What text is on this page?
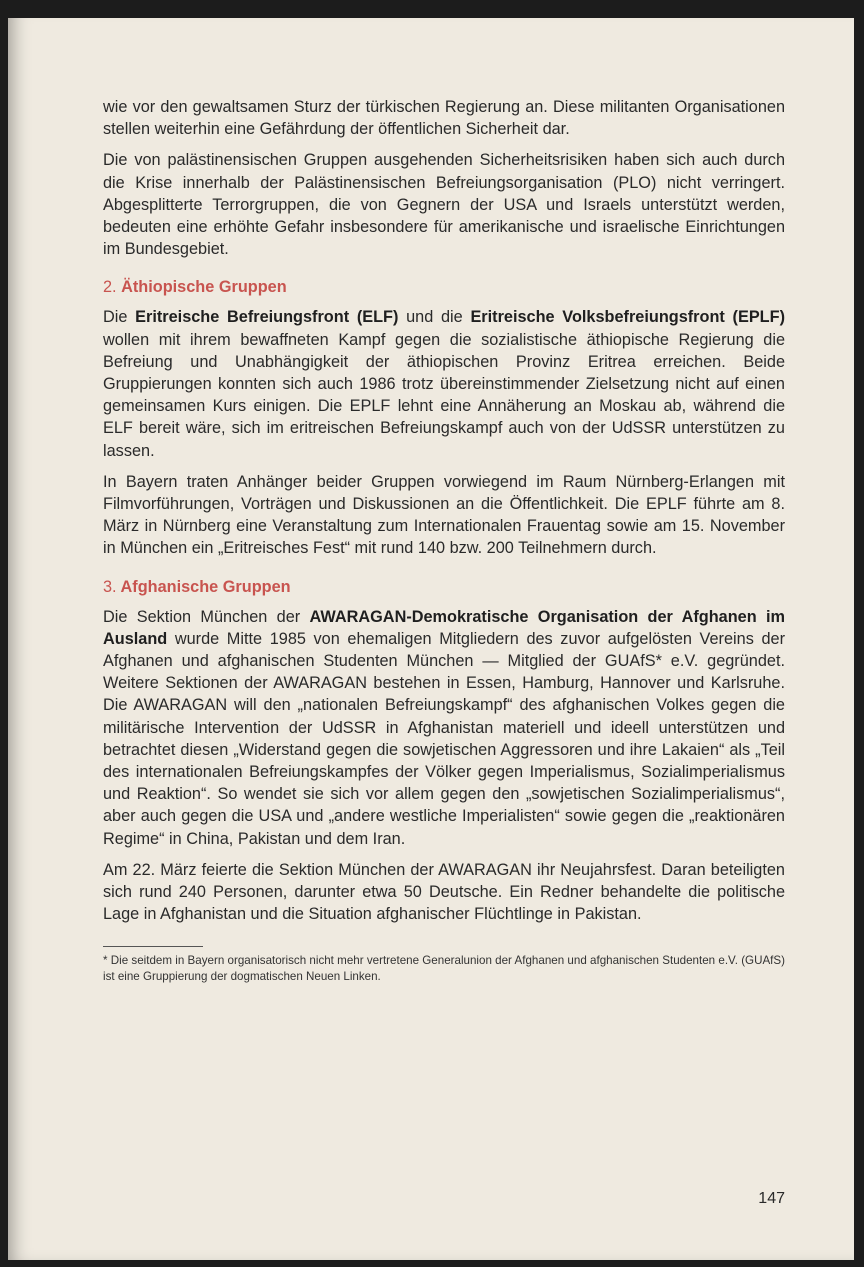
wie vor den gewaltsamen Sturz der türkischen Regierung an. Diese militanten Organisationen stellen weiterhin eine Gefährdung der öffentlichen Sicherheit dar.

Die von palästinensischen Gruppen ausgehenden Sicherheitsrisiken haben sich auch durch die Krise innerhalb der Palästinensischen Befreiungsorganisation (PLO) nicht verringert. Abgesplitterte Terrorgruppen, die von Gegnern der USA und Israels unterstützt werden, bedeuten eine erhöhte Gefahr insbesondere für amerikanische und israelische Einrichtungen im Bundesgebiet.

2. Äthiopische Gruppen

Die Eritreische Befreiungsfront (ELF) und die Eritreische Volksbefreiungsfront (EPLF) wollen mit ihrem bewaffneten Kampf gegen die sozialistische äthiopische Regierung die Befreiung und Unabhängigkeit der äthiopischen Provinz Eritrea erreichen. Beide Gruppierungen konnten sich auch 1986 trotz übereinstimmender Zielsetzung nicht auf einen gemeinsamen Kurs einigen. Die EPLF lehnt eine Annäherung an Moskau ab, während die ELF bereit wäre, sich im eritreischen Befreiungskampf auch von der UdSSR unterstützen zu lassen.

In Bayern traten Anhänger beider Gruppen vorwiegend im Raum Nürnberg-Erlangen mit Filmvorführungen, Vorträgen und Diskussionen an die Öffentlichkeit. Die EPLF führte am 8. März in Nürnberg eine Veranstaltung zum Internationalen Frauentag sowie am 15. November in München ein „Eritreisches Fest“ mit rund 140 bzw. 200 Teilnehmern durch.

3. Afghanische Gruppen

Die Sektion München der AWARAGAN-Demokratische Organisation der Afghanen im Ausland wurde Mitte 1985 von ehemaligen Mitgliedern des zuvor aufgelösten Vereins der Afghanen und afghanischen Studenten München — Mitglied der GUAfS* e.V. gegründet. Weitere Sektionen der AWARAGAN bestehen in Essen, Hamburg, Hannover und Karlsruhe. Die AWARAGAN will den „nationalen Befreiungskampf“ des afghanischen Volkes gegen die militärische Intervention der UdSSR in Afghanistan materiell und ideell unterstützen und betrachtet diesen „Widerstand gegen die sowjetischen Aggressoren und ihre Lakaien“ als „Teil des internationalen Befreiungskampfes der Völker gegen Imperialismus, Sozialimperialismus und Reaktion“. So wendet sie sich vor allem gegen den „sowjetischen Sozialimperialismus“, aber auch gegen die USA und „andere westliche Imperialisten“ sowie gegen die „reaktionären Regime“ in China, Pakistan und dem Iran.

Am 22. März feierte die Sektion München der AWARAGAN ihr Neujahrsfest. Daran beteiligten sich rund 240 Personen, darunter etwa 50 Deutsche. Ein Redner behandelte die politische Lage in Afghanistan und die Situation afghanischer Flüchtlinge in Pakistan.

* Die seitdem in Bayern organisatorisch nicht mehr vertretene Generalunion der Afghanen und afghanischen Studenten e.V. (GUAfS) ist eine Gruppierung der dogmatischen Neuen Linken.

147
